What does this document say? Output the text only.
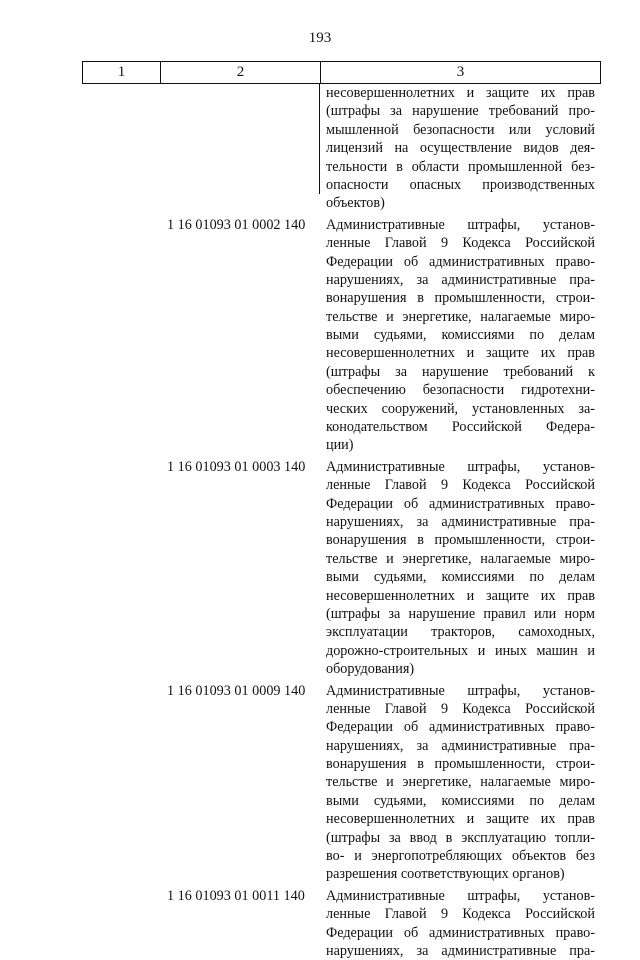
193
1	2	3
несовершеннолетних и защите их прав
(штрафы за нарушение требований про-
мышленной безопасности или условий
лицензий на осуществление видов дея-
тельности в области промышленной без-
опасности опасных производственных
объектов)
1 16 01093 01 0002 140 Административные штрафы, установ-
ленные Главой 9 Кодекса Российской
Федерации об административных право-
нарушениях, за административные пра-
вонарушения в промышленности, строи-
тельстве и энергетике, налагаемые миро-
выми судьями, комиссиями по делам
несовершеннолетних и защите их прав
(штрафы за нарушение требований к
обеспечению безопасности гидротехни-
ческих сооружений, установленных за-
конодательством Российской Федера-
ции)
1 16 01093 01 0003 140 Административные штрафы, установ-
ленные Главой 9 Кодекса Российской
Федерации об административных право-
нарушениях, за административные пра-
вонарушения в промышленности, строи-
тельстве и энергетике, налагаемые миро-
выми судьями, комиссиями по делам
несовершеннолетних и защите их прав
(штрафы за нарушение правил или норм
эксплуатации тракторов, самоходных,
дорожно-строительных и иных машин и
оборудования)
1 16 01093 01 0009 140 Административные штрафы, установ-
ленные Главой 9 Кодекса Российской
Федерации об административных право-
нарушениях, за административные пра-
вонарушения в промышленности, строи-
тельстве и энергетике, налагаемые миро-
выми судьями, комиссиями по делам
несовершеннолетних и защите их прав
(штрафы за ввод в эксплуатацию топли-
во- и энергопотребляющих объектов без
разрешения соответствующих органов)
1 16 01093 01 0011 140 Административные штрафы, установ-
ленные Главой 9 Кодекса Российской
Федерации об административных право-
нарушениях, за административные пра-
